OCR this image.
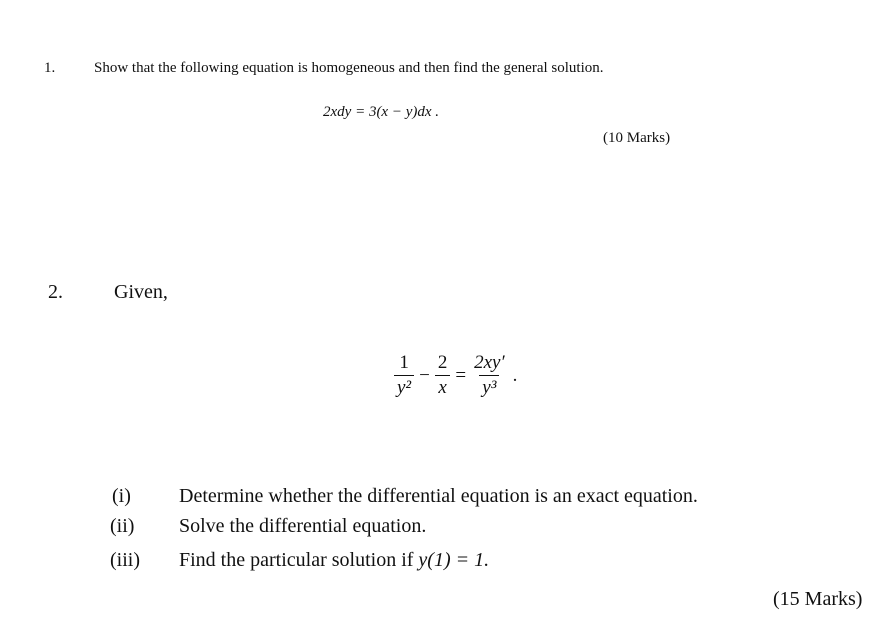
1.	Show that the following equation is homogeneous and then find the general solution.
2xdy = 3(x − y)dx .
(10 Marks)
2.	Given,
$\frac{1}{\text{y²}} - \frac{2}{x} = \frac{2xy'}{\text{y³}}$ .
(i) Determine whether the differential equation is an exact equation.
(ii) Solve the differential equation.
(iii) Find the particular solution if y(1) = 1.
(15 Marks)
